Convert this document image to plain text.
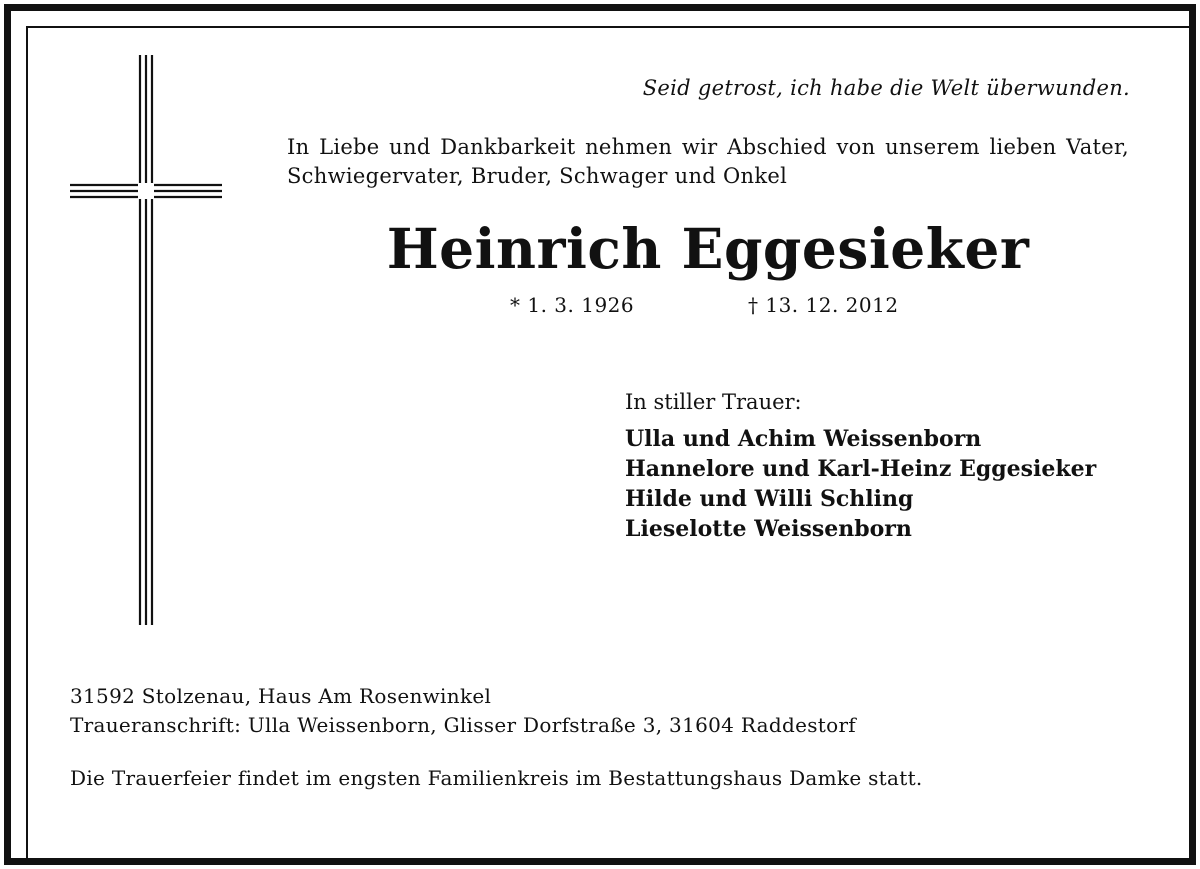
Seid getrost, ich habe die Welt überwunden.
In Liebe und Dankbarkeit nehmen wir Abschied von unserem lieben Vater, Schwiegervater, Bruder, Schwager und Onkel
Heinrich Eggesieker
* 1. 3. 1926	† 13. 12. 2012
In stiller Trauer:
Ulla und Achim Weissenborn
Hannelore und Karl-Heinz Eggesieker
Hilde und Willi Schling
Lieselotte Weissenborn
31592 Stolzenau, Haus Am Rosenwinkel
Traueranschrift: Ulla Weissenborn, Glisser Dorfstraße 3, 31604 Raddestorf
Die Trauerfeier findet im engsten Familienkreis im Bestattungshaus Damke statt.
